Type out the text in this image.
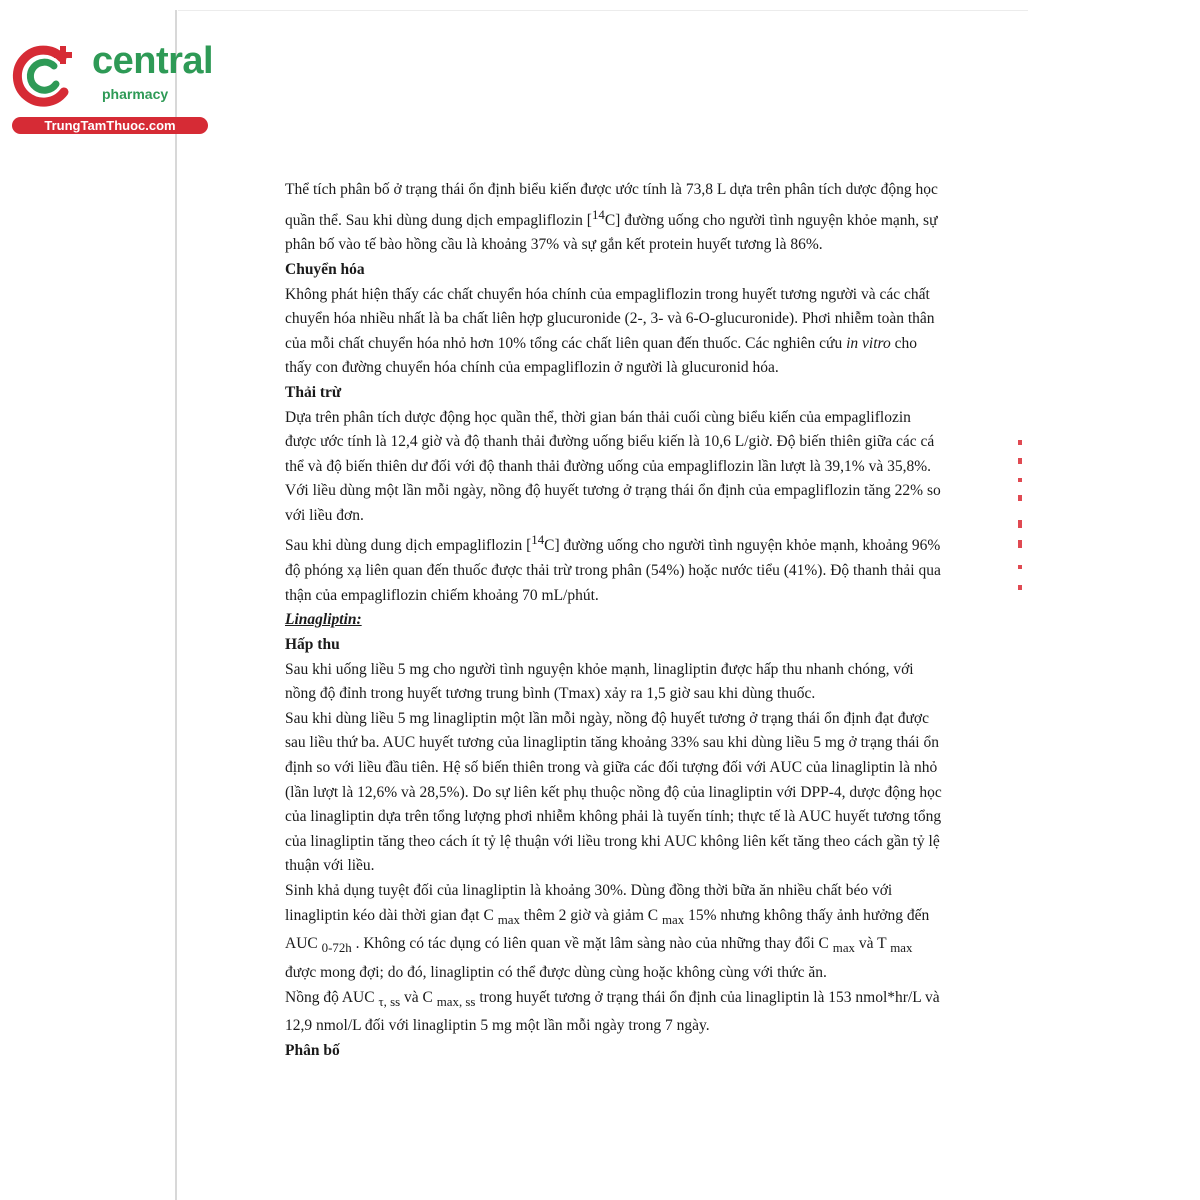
central
pharmacy
TrungTamThuoc.com

Thể tích phân bố ở trạng thái ổn định biểu kiến được ước tính là 73,8 L dựa trên phân tích dược động học quần thể. Sau khi dùng dung dịch empagliflozin [$^{14}$C] đường uống cho người tình nguyện khỏe mạnh, sự phân bố vào tế bào hồng cầu là khoảng 37% và sự gắn kết protein huyết tương là 86%.

Chuyển hóa

Không phát hiện thấy các chất chuyển hóa chính của empagliflozin trong huyết tương người và các chất chuyển hóa nhiều nhất là ba chất liên hợp glucuronide (2-, 3- và 6-O-glucuronide). Phơi nhiễm toàn thân của mỗi chất chuyển hóa nhỏ hơn 10% tổng các chất liên quan đến thuốc. Các nghiên cứu in vitro cho thấy con đường chuyển hóa chính của empagliflozin ở người là glucuronid hóa.

Thải trừ

Dựa trên phân tích dược động học quần thể, thời gian bán thải cuối cùng biểu kiến của empagliflozin được ước tính là 12,4 giờ và độ thanh thải đường uống biểu kiến là 10,6 L/giờ. Độ biến thiên giữa các cá thể và độ biến thiên dư đối với độ thanh thải đường uống của empagliflozin lần lượt là 39,1% và 35,8%. Với liều dùng một lần mỗi ngày, nồng độ huyết tương ở trạng thái ổn định của empagliflozin tăng 22% so với liều đơn.

Sau khi dùng dung dịch empagliflozin [$^{14}$C] đường uống cho người tình nguyện khỏe mạnh, khoảng 96% độ phóng xạ liên quan đến thuốc được thải trừ trong phân (54%) hoặc nước tiểu (41%). Độ thanh thải qua thận của empagliflozin chiếm khoảng 70 mL/phút.

Linagliptin:

Hấp thu

Sau khi uống liều 5 mg cho người tình nguyện khỏe mạnh, linagliptin được hấp thu nhanh chóng, với nồng độ đỉnh trong huyết tương trung bình (Tmax) xảy ra 1,5 giờ sau khi dùng thuốc.

Sau khi dùng liều 5 mg linagliptin một lần mỗi ngày, nồng độ huyết tương ở trạng thái ổn định đạt được sau liều thứ ba. AUC huyết tương của linagliptin tăng khoảng 33% sau khi dùng liều 5 mg ở trạng thái ổn định so với liều đầu tiên. Hệ số biến thiên trong và giữa các đối tượng đối với AUC của linagliptin là nhỏ (lần lượt là 12,6% và 28,5%). Do sự liên kết phụ thuộc nồng độ của linagliptin với DPP-4, dược động học của linagliptin dựa trên tổng lượng phơi nhiễm không phải là tuyến tính; thực tế là AUC huyết tương tổng của linagliptin tăng theo cách ít tỷ lệ thuận với liều trong khi AUC không liên kết tăng theo cách gần tỷ lệ thuận với liều.

Sinh khả dụng tuyệt đối của linagliptin là khoảng 30%. Dùng đồng thời bữa ăn nhiều chất béo với linagliptin kéo dài thời gian đạt C $_{max}$ thêm 2 giờ và giảm C $_{max}$ 15% nhưng không thấy ảnh hưởng đến AUC $_{0-72h}$ . Không có tác dụng có liên quan về mặt lâm sàng nào của những thay đổi C $_{max}$ và T $_{max}$ được mong đợi; do đó, linagliptin có thể được dùng cùng hoặc không cùng với thức ăn.

Nồng độ AUC $_{\tau, ss}$ và C $_{max, ss}$ trong huyết tương ở trạng thái ổn định của linagliptin là 153 nmol*hr/L và 12,9 nmol/L đối với linagliptin 5 mg một lần mỗi ngày trong 7 ngày.

Phân bố
